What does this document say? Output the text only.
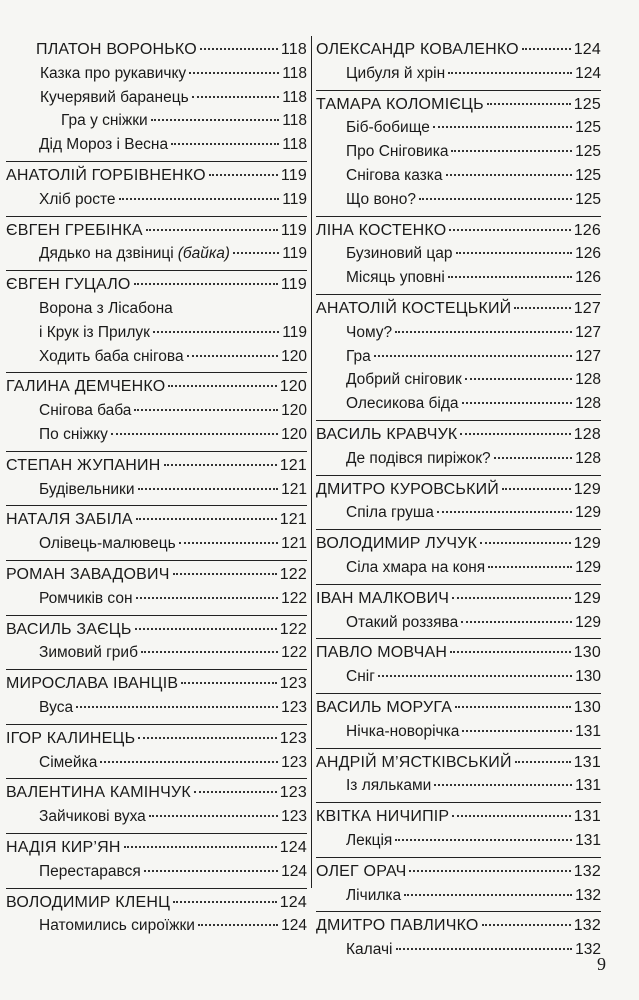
ПЛАТОН ВОРОНЬКО	118
Казка про рукавичку	118
Кучерявий баранець	118
Гра у сніжки	118
Дід Мороз і Весна	118
АНАТОЛІЙ ГОРБІВНЕНКО	119
Хліб росте	119
ЄВГЕН ГРЕБІНКА	119
Дядько на дзвіниці (байка)	119
ЄВГЕН ГУЦАЛО	119
Ворона з Лісабона
і Крук із Прилук	119
Ходить баба снігова	120
ГАЛИНА ДЕМЧЕНКО	120
Снігова баба	120
По сніжку	120
СТЕПАН ЖУПАНИН	121
Будівельники	121
НАТАЛЯ ЗАБІЛА	121
Олівець-малювець	121
РОМАН ЗАВАДОВИЧ	122
Ромчиків сон	122
ВАСИЛЬ ЗАЄЦЬ	122
Зимовий гриб	122
МИРОСЛАВА ІВАНЦІВ	123
Вуса	123
ІГОР КАЛИНЕЦЬ	123
Сімейка	123
ВАЛЕНТИНА КАМІНЧУК	123
Зайчикові вуха	123
НАДІЯ КИР’ЯН	124
Перестарався	124
ВОЛОДИМИР КЛЕНЦ	124
Натомились сироїжки	124
ОЛЕКСАНДР КОВАЛЕНКО	124
Цибуля й хрін	124
ТАМАРА КОЛОМІЄЦЬ	125
Біб-бобище	125
Про Сніговика	125
Снігова казка	125
Що воно?	125
ЛІНА КОСТЕНКО	126
Бузиновий цар	126
Місяць уповні	126
АНАТОЛІЙ КОСТЕЦЬКИЙ	127
Чому?	127
Гра	127
Добрий сніговик	128
Олесикова біда	128
ВАСИЛЬ КРАВЧУК	128
Де подівся пиріжок?	128
ДМИТРО КУРОВСЬКИЙ	129
Спіла груша	129
ВОЛОДИМИР ЛУЧУК	129
Сіла хмара на коня	129
ІВАН МАЛКОВИЧ	129
Отакий роззява	129
ПАВЛО МОВЧАН	130
Сніг	130
ВАСИЛЬ МОРУГА	130
Нічка-новорічка	131
АНДРІЙ М’ЯСТКІВСЬКИЙ	131
Із ляльками	131
КВІТКА НИЧИПІР	131
Лекція	131
ОЛЕГ ОРАЧ	132
Лічилка	132
ДМИТРО ПАВЛИЧКО	132
Калачі	132
9
